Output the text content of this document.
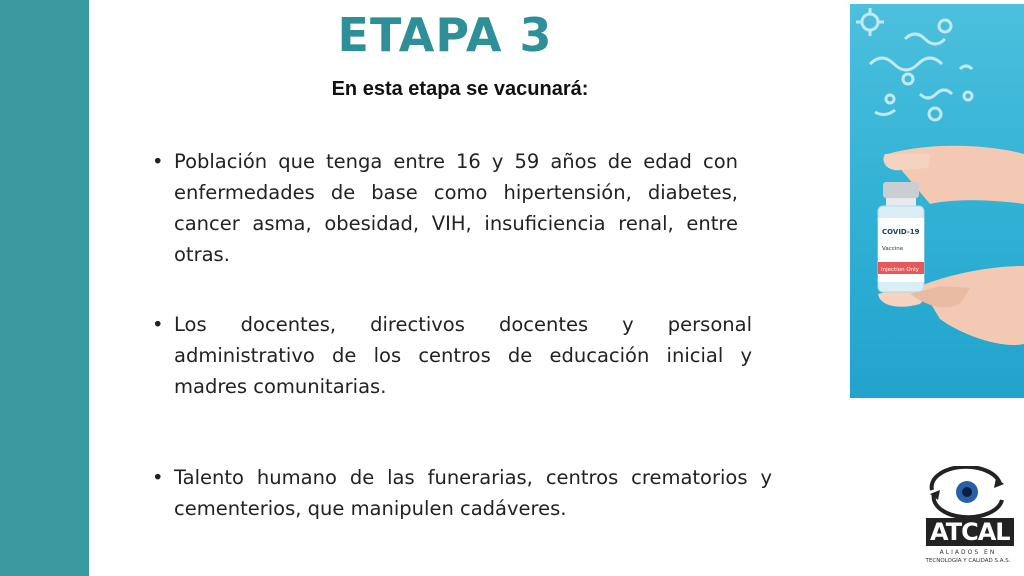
ETAPA 3
En esta etapa se vacunará:
• Población que tenga entre 16 y 59 años de edad con enfermedades de base como hipertensión, diabetes, cancer asma, obesidad, VIH, insuficiencia renal, entre otras.
• Los docentes, directivos docentes y personal administrativo de los centros de educación inicial y madres comunitarias.
• Talento humano de las funerarias, centros crematorios y cementerios, que manipulen cadáveres.
COVID-19
Vaccine
Injection Only
ATCAL
ALIADOS EN
TECNOLOGÍA Y CALIDAD S.A.S.
